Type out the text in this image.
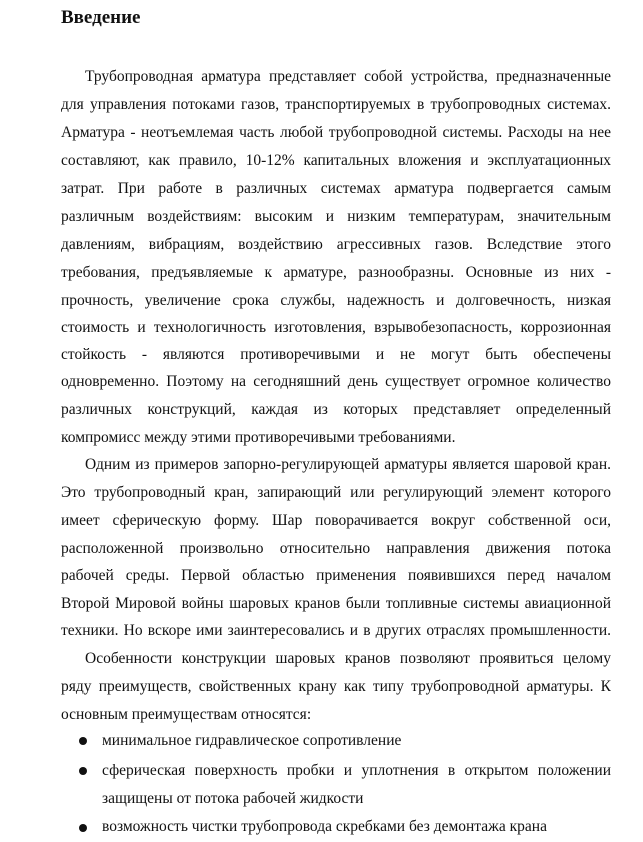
Введение
Трубопроводная арматура представляет собой устройства, предназначенные
для управления потоками газов, транспортируемых в трубопроводных системах.
Арматура - неотъемлемая часть любой трубопроводной системы. Расходы на нее
составляют, как правило, 10-12% капитальных вложения и эксплуатационных
затрат. При работе в различных системах арматура подвергается самым
различным воздействиям: высоким и низким температурам, значительным
давлениям, вибрациям, воздействию агрессивных газов. Вследствие этого
требования, предъявляемые к арматуре, разнообразны. Основные из них -
прочность, увеличение срока службы, надежность и долговечность, низкая
стоимость и технологичность изготовления, взрывобезопасность, коррозионная
стойкость - являются противоречивыми и не могут быть обеспечены
одновременно. Поэтому на сегодняшний день существует огромное количество
различных конструкций, каждая из которых представляет определенный
компромисс между этими противоречивыми требованиями.
Одним из примеров запорно-регулирующей арматуры является шаровой кран.
Это трубопроводный кран, запирающий или регулирующий элемент которого
имеет сферическую форму. Шар поворачивается вокруг собственной оси,
расположенной произвольно относительно направления движения потока
рабочей среды. Первой областью применения появившихся перед началом
Второй Мировой войны шаровых кранов были топливные системы авиационной
техники. Но вскоре ими заинтересовались и в других отраслях промышленности.
Особенности конструкции шаровых кранов позволяют проявиться целому
ряду преимуществ, свойственных крану как типу трубопроводной арматуры. К
основным преимуществам относятся:
минимальное гидравлическое сопротивление
сферическая поверхность пробки и уплотнения в открытом положении
защищены от потока рабочей жидкости
возможность чистки трубопровода скребками без демонтажа крана
